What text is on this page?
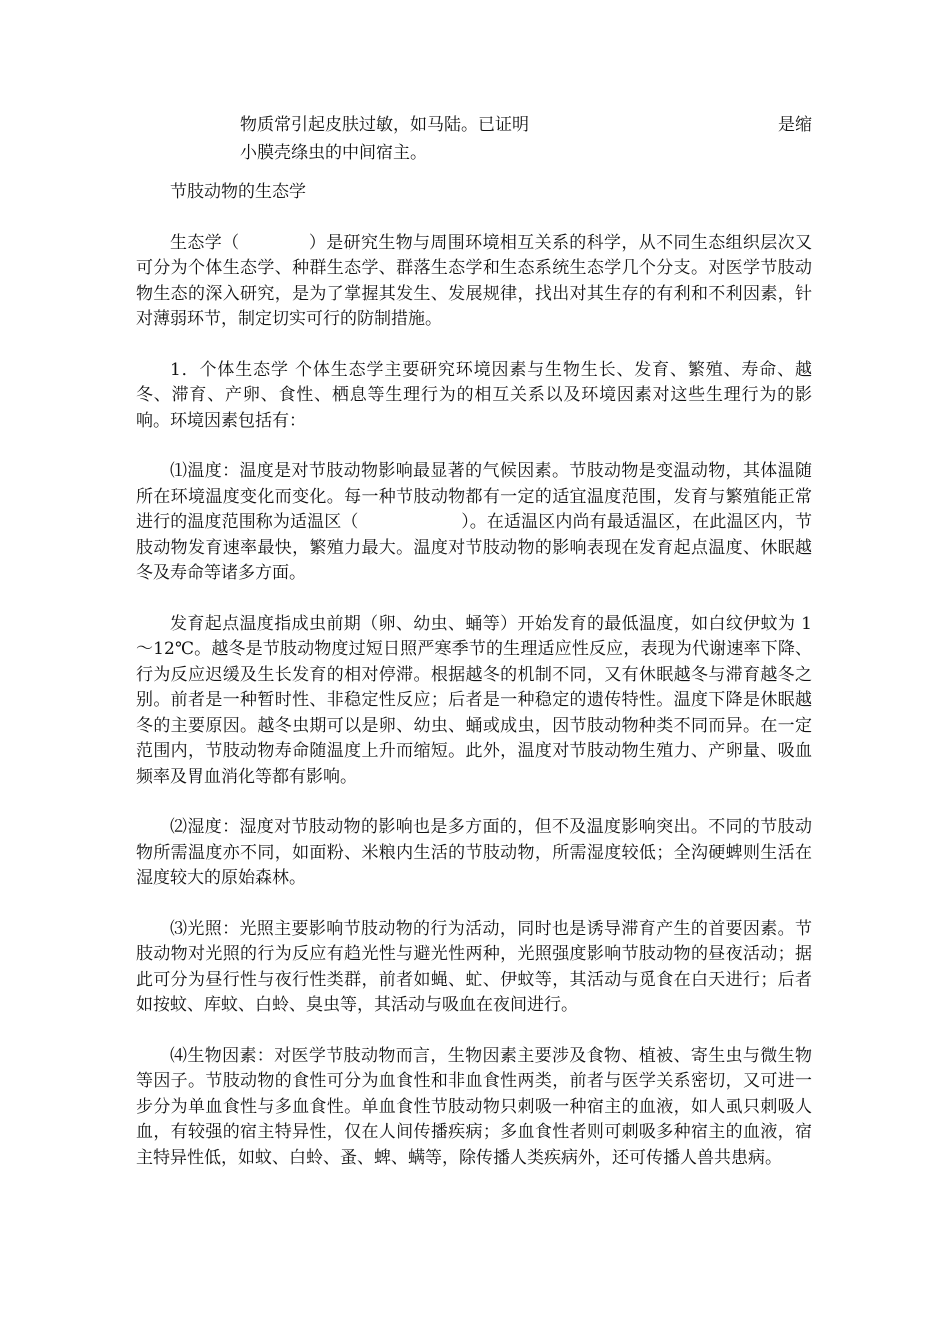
物质常引起皮肤过敏，如马陆。已证明	是缩
小膜壳绦虫的中间宿主。

节肢动物的生态学

生态学（　　　　）是研究生物与周围环境相互关系的科学，从不同生态组织层次又可分为个体生态学、种群生态学、群落生态学和生态系统生态学几个分支。对医学节肢动物生态的深入研究，是为了掌握其发生、发展规律，找出对其生存的有利和不利因素，针对薄弱环节，制定切实可行的防制措施。

1．个体生态学 个体生态学主要研究环境因素与生物生长、发育、繁殖、寿命、越冬、滞育、产卵、食性、栖息等生理行为的相互关系以及环境因素对这些生理行为的影响。环境因素包括有：

⑴温度：温度是对节肢动物影响最显著的气候因素。节肢动物是变温动物，其体温随所在环境温度变化而变化。每一种节肢动物都有一定的适宜温度范围，发育与繁殖能正常进行的温度范围称为适温区（　　　　　　）。在适温区内尚有最适温区，在此温区内，节肢动物发育速率最快，繁殖力最大。温度对节肢动物的影响表现在发育起点温度、休眠越冬及寿命等诸多方面。

发育起点温度指成虫前期（卵、幼虫、蛹等）开始发育的最低温度，如白纹伊蚊为 1 ～12℃。越冬是节肢动物度过短日照严寒季节的生理适应性反应，表现为代谢速率下降、行为反应迟缓及生长发育的相对停滞。根据越冬的机制不同，又有休眠越冬与滞育越冬之别。前者是一种暂时性、非稳定性反应；后者是一种稳定的遗传特性。温度下降是休眠越冬的主要原因。越冬虫期可以是卵、幼虫、蛹或成虫，因节肢动物种类不同而异。在一定范围内，节肢动物寿命随温度上升而缩短。此外，温度对节肢动物生殖力、产卵量、吸血频率及胃血消化等都有影响。

⑵湿度：湿度对节肢动物的影响也是多方面的，但不及温度影响突出。不同的节肢动物所需温度亦不同，如面粉、米粮内生活的节肢动物，所需湿度较低；全沟硬蜱则生活在湿度较大的原始森林。

⑶光照：光照主要影响节肢动物的行为活动，同时也是诱导滞育产生的首要因素。节肢动物对光照的行为反应有趋光性与避光性两种，光照强度影响节肢动物的昼夜活动；据此可分为昼行性与夜行性类群，前者如蝇、虻、伊蚊等，其活动与觅食在白天进行；后者如按蚊、库蚊、白蛉、臭虫等，其活动与吸血在夜间进行。

⑷生物因素：对医学节肢动物而言，生物因素主要涉及食物、植被、寄生虫与微生物等因子。节肢动物的食性可分为血食性和非血食性两类，前者与医学关系密切，又可进一步分为单血食性与多血食性。单血食性节肢动物只刺吸一种宿主的血液，如人虱只刺吸人血，有较强的宿主特异性，仅在人间传播疾病；多血食性者则可刺吸多种宿主的血液，宿主特异性低，如蚊、白蛉、蚤、蜱、螨等，除传播人类疾病外，还可传播人兽共患病。
